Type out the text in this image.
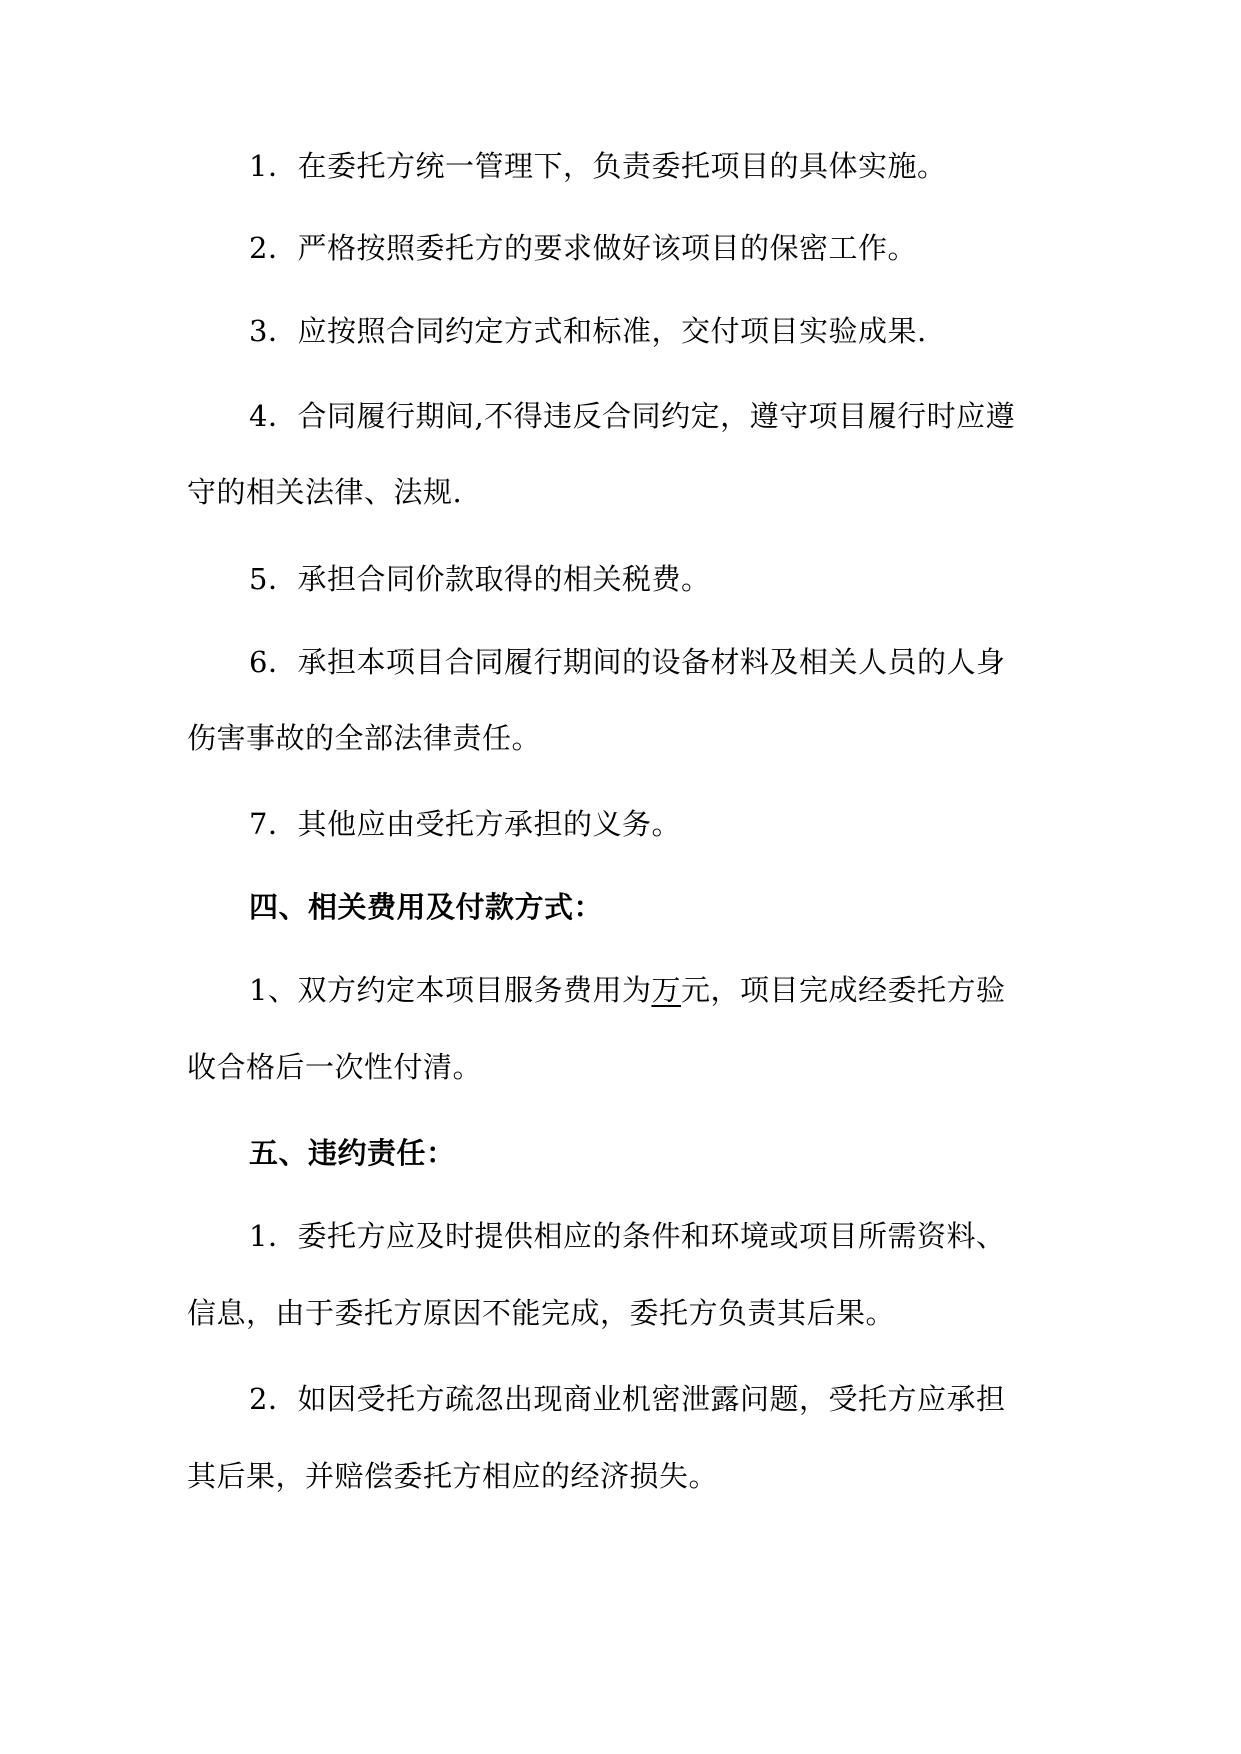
1．在委托方统一管理下，负责委托项目的具体实施。
2．严格按照委托方的要求做好该项目的保密工作。
3．应按照合同约定方式和标准，交付项目实验成果.
4．合同履行期间,不得违反合同约定，遵守项目履行时应遵
守的相关法律、法规.
5．承担合同价款取得的相关税费。
6．承担本项目合同履行期间的设备材料及相关人员的人身
伤害事故的全部法律责任。
7．其他应由受托方承担的义务。
四、相关费用及付款方式：
1、双方约定本项目服务费用为万元，项目完成经委托方验
收合格后一次性付清。
五、违约责任：
1．委托方应及时提供相应的条件和环境或项目所需资料、
信息，由于委托方原因不能完成，委托方负责其后果。
2．如因受托方疏忽出现商业机密泄露问题，受托方应承担
其后果，并赔偿委托方相应的经济损失。
